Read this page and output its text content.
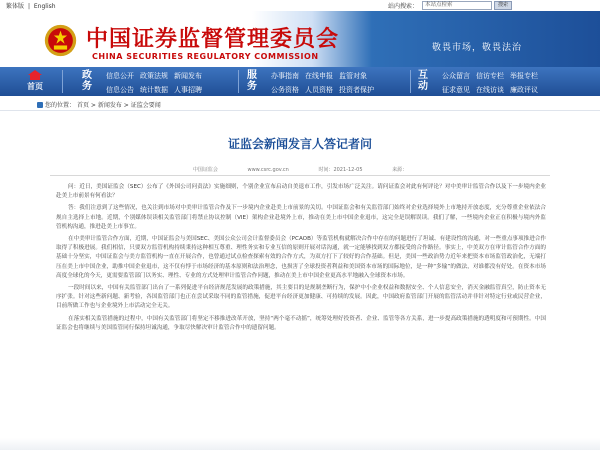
繁体版 | English	站内搜索：	本站点检索	搜索
中国证券监督管理委员会
CHINA SECURITIES REGULATORY COMMISSION
敬畏市场，敬畏法治
首页
政务
信息公开 政策法规 新闻发布
信息公告 统计数据 人事招聘
服务
办事指南 在线申报 监管对象
公务资格 人员资格 投资者保护
互动
公众留言 信访专栏 举报专栏
征求意见 在线访谈 廉政评议
您的位置： 首页 > 新闻发布 > 证监会要闻
证监会新闻发言人答记者问
中国证监会	www.csrc.gov.cn	时间：2021-12-05	来源：

问：近日，美国证监会（SEC）公布了《外国公司问责法》实施细则，个别企业宣布启动自美退市工作，引发市场广泛关注。请问证监会对此有何评论？对中美审计监管合作以及下一步境内企业赴美上市前景有何看法？

答：我们注意到了这些情况，也关注到市场对中美审计监管合作及下一步境内企业赴美上市前景的关切。中国证监会和有关监管部门始终对企业选择境外上市地持开放态度，充分尊重企业依法合规自主选择上市地。近期，个别媒体误读相关监管部门将禁止协议控制（VIE）架构企业赴境外上市，推动在美上市中国企业退市，这完全是误解误读。我们了解，一些境内企业正在积极与境内外监管机构沟通，推进赴美上市事宜。

在中美审计监管合作方面，近期，中国证监会与美国SEC、美国公众公司会计监督委员会（PCAOB）等监管机构就解决合作中存在的问题进行了坦诚、有建设性的沟通，对一些重点事项推进合作取得了积极进展。我们相信，只要双方监管机构持续秉持这种相互尊重、理性务实和专业互信的原则开展对话沟通，就一定能够找到双方都接受的合作路径。事实上，中美双方在审计监管合作方面的基础十分坚实，中国证监会与美方监管机构一直在开展合作，也曾通过试点检查探索有效的合作方式，为双方打下了较好的合作基础。但是，美国一些政治势力近年来把资本市场监管政治化，无端打压在美上市中国企业，助推中国企业退市，这不仅有悖于市场经济的基本原则和法治理念，也损害了全球投资者利益和美国资本市场的国际地位，是一种“多输”的做法，对谁都没有好处。在资本市场高度全球化的今天，更需要监管部门以务实、理性、专业的方式处理审计监管合作问题，推动在美上市中国企业更高水平地融入全球资本市场。

一段时间以来，中国有关监管部门出台了一系列促进平台经济规范发展的政策措施，其主要目的是规制垄断行为，保护中小企业权益和数据安全、个人信息安全，消灭金融监管真空，防止资本无序扩张。针对这些新问题、新考验，各国监管部门也正在尝试采取不同的监管措施，促进平台经济更加健康、可持续的发展。因此，中国政府监管部门开展的监管活动并非针对特定行业或民营企业，目前所做工作也与企业境外上市活动完全无关。

在落实相关监管措施的过程中，中国有关监管部门将坚定不移推进改革开放，坚持“两个毫不动摇”，统筹处理好投资者、企业、监管等各方关系，进一步提高政策措施的透明度和可预期性。中国证监会也将继续与美国监管同行保持坦诚沟通，争取尽快解决审计监管合作中的遗留问题。
